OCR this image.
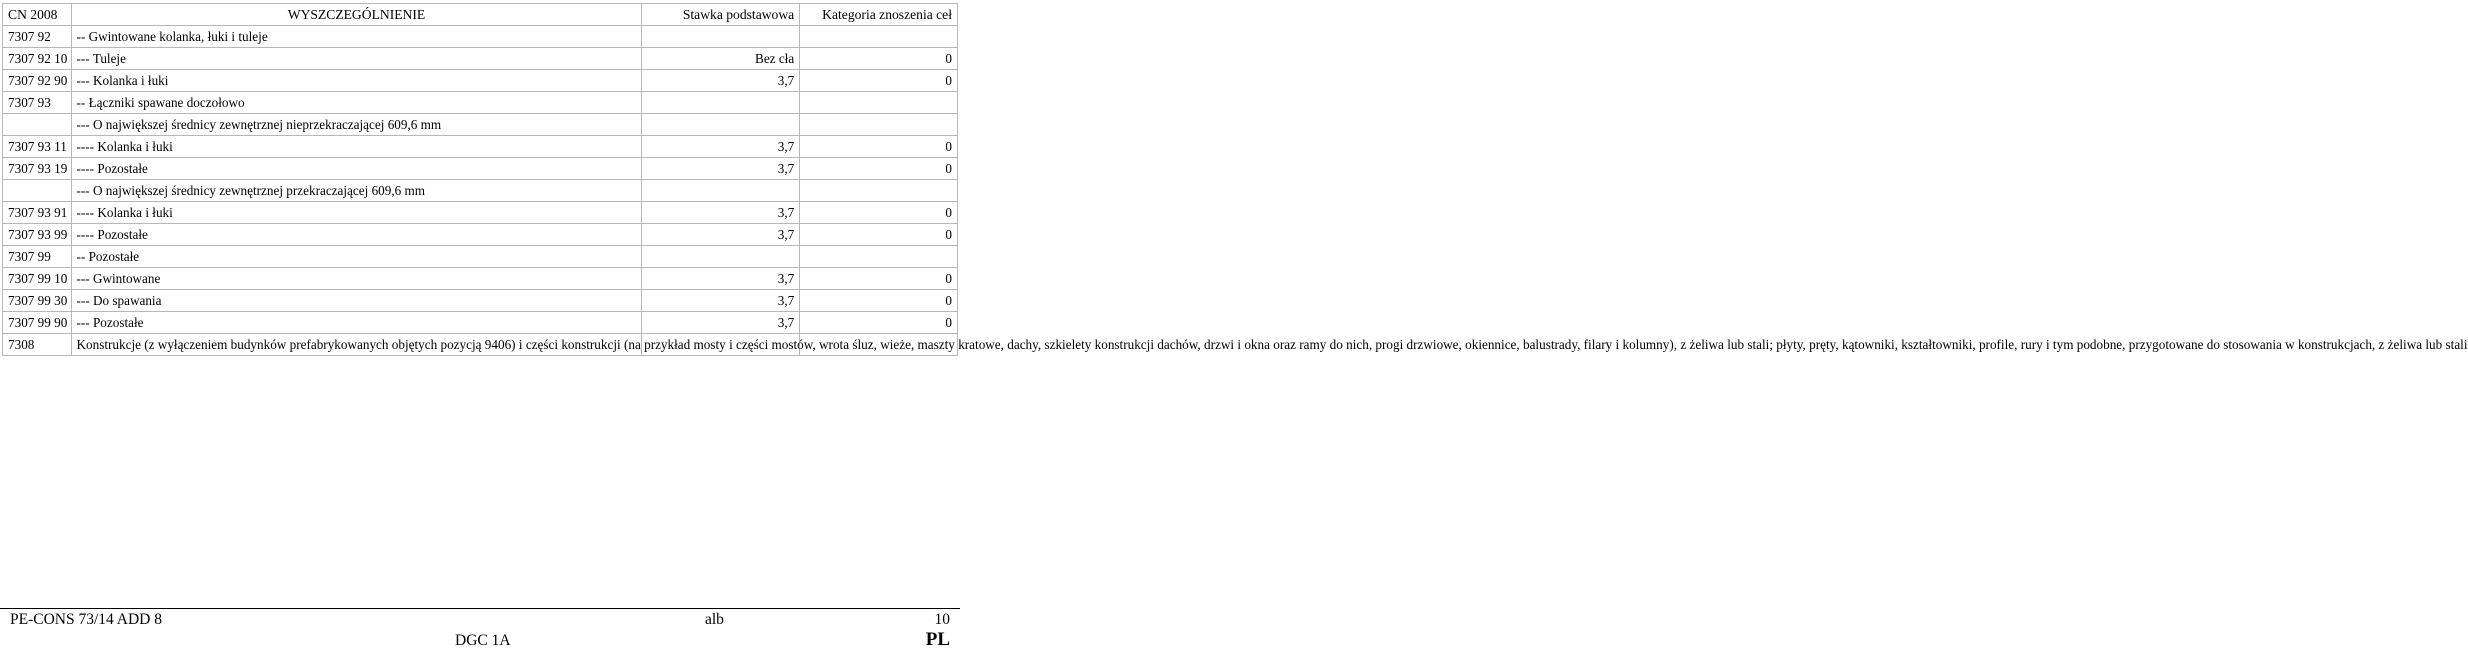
CN 2008	WYSZCZEGÓLNIENIE	Stawka podstawowa	Kategoria znoszenia ceł
7307 92	-- Gwintowane kolanka, łuki i tuleje		
7307 92 10	--- Tuleje	Bez cła	0
7307 92 90	--- Kolanka i łuki	3,7	0
7307 93	-- Łączniki spawane doczołowo		
	--- O największej średnicy zewnętrznej nieprzekraczającej 609,6 mm		
7307 93 11	---- Kolanka i łuki	3,7	0
7307 93 19	---- Pozostałe	3,7	0
	--- O największej średnicy zewnętrznej przekraczającej 609,6 mm		
7307 93 91	---- Kolanka i łuki	3,7	0
7307 93 99	---- Pozostałe	3,7	0
7307 99	-- Pozostałe		
7307 99 10	--- Gwintowane	3,7	0
7307 99 30	--- Do spawania	3,7	0
7307 99 90	--- Pozostałe	3,7	0
7308	Konstrukcje (z wyłączeniem budynków prefabrykowanych objętych pozycją 9406) i części konstrukcji (na przykład mosty i części mostów, wrota śluz, wieże, maszty kratowe, dachy, szkielety konstrukcji dachów, drzwi i okna oraz ramy do nich, progi drzwiowe, okiennice, balustrady, filary i kolumny), z żeliwa lub stali; płyty, pręty, kątowniki, kształtowniki, profile, rury i tym podobne, przygotowane do stosowania w konstrukcjach, z żeliwa lub stali		
PE-CONS 73/14 ADD 8	alb	10
DGC 1A	PL
